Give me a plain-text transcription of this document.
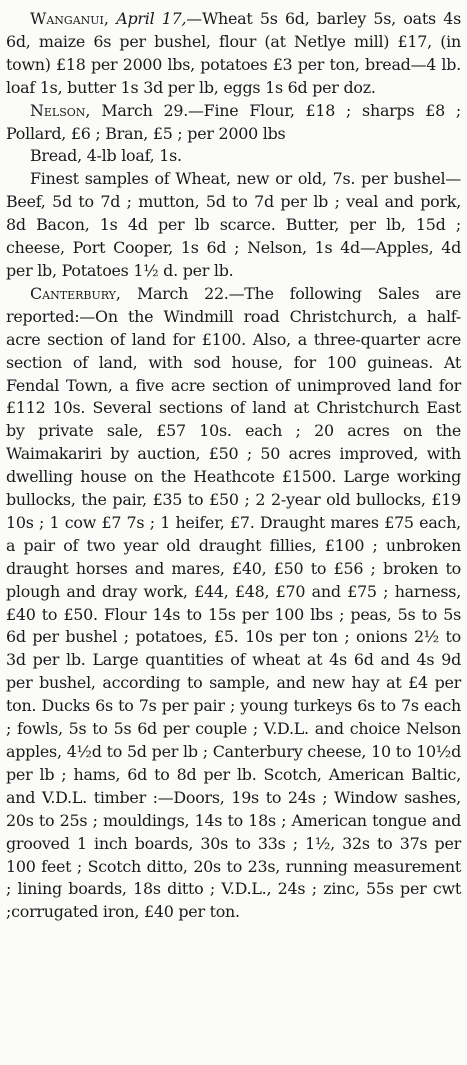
Wanganui, April 17,—Wheat 5s 6d, barley 5s, oats 4s 6d, maize 6s per bushel, flour (at Netlye mill) £17, (in town) £18 per 2000 lbs, potatoes £3 per ton, bread—4 lb. loaf 1s, butter 1s 3d per lb, eggs 1s 6d per doz.

Nelson, March 29.—Fine Flour, £18 ; sharps £8 ; Pollard, £6 ; Bran, £5 ; per 2000 lbs

Bread, 4-lb loaf, 1s.

Finest samples of Wheat, new or old, 7s. per bushel—Beef, 5d to 7d ; mutton, 5d to 7d per lb ; veal and pork, 8d Bacon, 1s 4d per lb scarce. Butter, per lb, 15d ; cheese, Port Cooper, 1s 6d ; Nelson, 1s 4d—Apples, 4d per lb, Potatoes 1½ d. per lb.

Canterbury, March 22.—The following Sales are reported:—On the Windmill road Christchurch, a half-acre section of land for £100. Also, a three-quarter acre section of land, with sod house, for 100 guineas. At Fendal Town, a five acre section of unimproved land for £112 10s. Several sections of land at Christchurch East by private sale, £57 10s. each ; 20 acres on the Waimakariri by auction, £50 ; 50 acres improved, with dwelling house on the Heathcote £1500. Large working bullocks, the pair, £35 to £50 ; 2 2-year old bullocks, £19 10s ; 1 cow £7 7s ; 1 heifer, £7. Draught mares £75 each, a pair of two year old draught fillies, £100 ; unbroken draught horses and mares, £40, £50 to £56 ; broken to plough and dray work, £44, £48, £70 and £75 ; harness, £40 to £50. Flour 14s to 15s per 100 lbs ; peas, 5s to 5s 6d per bushel ; potatoes, £5. 10s per ton ; onions 2½ to 3d per lb. Large quantities of wheat at 4s 6d and 4s 9d per bushel, according to sample, and new hay at £4 per ton. Ducks 6s to 7s per pair ; young turkeys 6s to 7s each ; fowls, 5s to 5s 6d per couple ; V.D.L. and choice Nelson apples, 4½d to 5d per lb ; Canterbury cheese, 10 to 10½d per lb ; hams, 6d to 8d per lb. Scotch, American Baltic, and V.D.L. timber :—Doors, 19s to 24s ; Window sashes, 20s to 25s ; mouldings, 14s to 18s ; American tongue and grooved 1 inch boards, 30s to 33s ; 1½, 32s to 37s per 100 feet ; Scotch ditto, 20s to 23s, running measurement ; lining boards, 18s ditto ; V.D.L., 24s ; zinc, 55s per cwt ;corrugated iron, £40 per ton.
